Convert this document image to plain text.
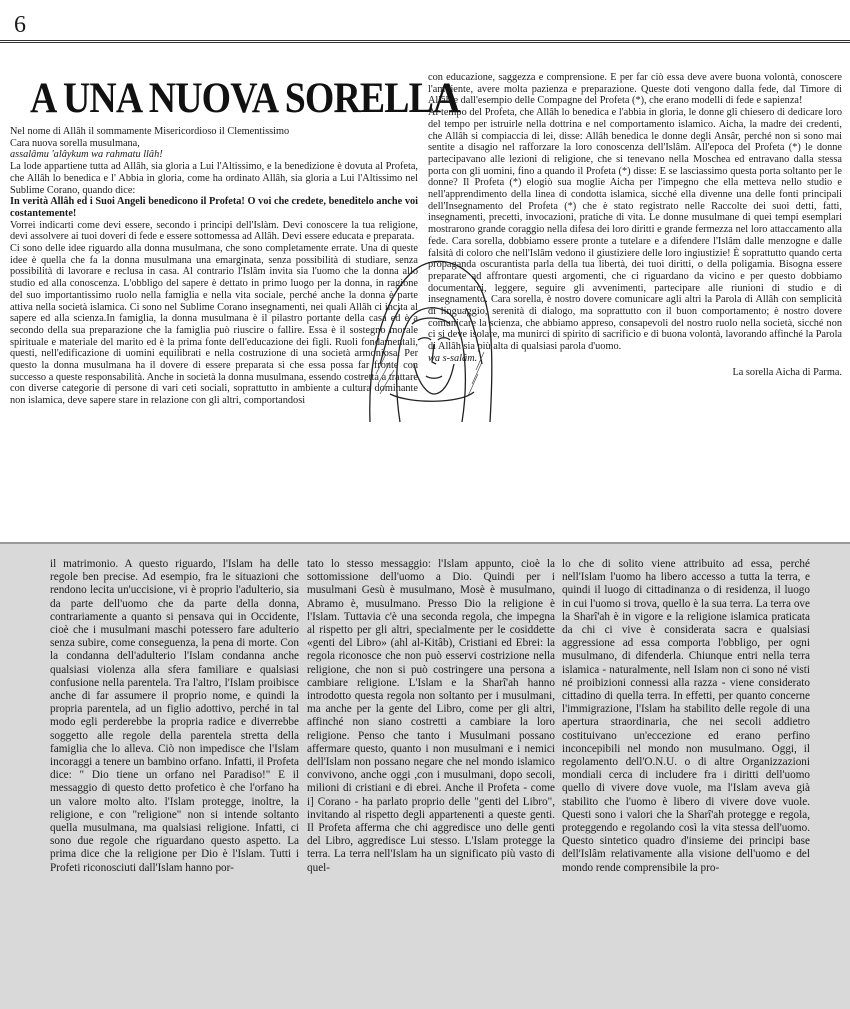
6
A UNA NUOVA SORELLA

Nel nome di Allâh il sommamente Misericordioso il Clementissimo

Cara nuova sorella musulmana,

assalâmu 'alâykum wa rahmatu llâh!

La lode appartiene tutta ad Allâh, sia gloria a Lui l'Altissimo, e la benedizione è dovuta al Profeta, che Allâh lo benedica e l' Abbia in gloria, come ha ordinato Allâh, sia gloria a Lui l'Altissimo nel Sublime Corano, quando dice:

In verità Allâh ed i Suoi Angeli benedicono il Profeta! O voi che credete, beneditelo anche voi costantemente!

Vorrei indicarti come devi essere, secondo i principi dell'Islàm. Devi conoscere la tua religione, devi assolvere ai tuoi doveri di fede e essere sottomessa ad Allâh. Devi essere educata e preparata.

Ci sono delle idee riguardo alla donna musulmana, che sono completamente errate. Una di queste idee è quella che fa la donna musulmana una emarginata, senza possibilità di studiare, senza possibilità di lavorare e reclusa in casa. Al contrario l'Islâm invita sia l'uomo che la donna allo studio ed alla conoscenza. L'obbligo del sapere è dettato in primo luogo per la donna, in ragione del suo importantissimo ruolo nella famiglia e nella vita sociale, perché anche la donna è parte attiva nella società islamica. Ci sono nel Sublime Corano insegnamenti, nei quali Allâh ci incita al sapere ed alla scienza.In famiglia, la donna musulmana è il pilastro portante della casa ed è a secondo della sua preparazione che la famiglia può riuscire o fallire. Essa è il sostegno morale spirituale e materiale del marito ed è la prima fonte dell'educazione dei figli. Ruoli fondamentali, questi, nell'edificazione di uomini equilibrati e nella costruzione di una società armoniosa. Per questo la donna musulmana ha il dovere di essere preparata sì che essa possa far fronte con successo a queste responsabilità. Anche in società la donna musulmana, essendo costretta a trattare con diverse categorie di persone di vari ceti sociali, soprattutto in ambiente a cultura dominante non islamica, deve sapere stare in relazione con gli altri, comportandosi

con educazione, saggezza e comprensione. E per far ciò essa deve avere buona volontà, conoscere l'ambiente, avere molta pazienza e preparazione. Queste doti vengono dalla fede, dal Timore di Allâh e dall'esempio delle Compagne del Profeta (*), che erano modelli di fede e sapienza!

Al tempo del Profeta, che Allâh lo benedica e l'abbia in gloria, le donne gli chiesero di dedicare loro del tempo per istruirle nella dottrina e nel comportamento islamico. Aicha, la madre dei credenti, che Allâh si compiaccia di lei, disse: Allâh benedica le donne degli Ansâr, perché non si sono mai sentite a disagio nel rafforzare la loro conoscenza dell'Islâm. All'epoca del Profeta (*) le donne partecipavano alle lezioni di religione, che si tenevano nella Moschea ed entravano dalla stessa porta con gli uomini, fino a quando il Profeta (*) disse: E se lasciassimo questa porta soltanto per le donne? Il Profeta (*) elogiò sua moglie Aicha per l'impegno che ella metteva nello studio e nell'apprendimento della linea di condotta islamica, sicché ella divenne una delle fonti principali dell'Insegnamento del Profeta (*) che è stato registrato nelle Raccolte dei suoi detti, fatti, insegnamenti, precetti, invocazioni, pratiche di vita. Le donne musulmane di quei tempi esemplari mostrarono grande coraggio nella difesa dei loro diritti e grande fermezza nel loro attaccamento alla fede. Cara sorella, dobbiamo essere pronte a tutelare e a difendere l'Islâm dalle menzogne e dalle falsità di coloro che nell'Islâm vedono il giustiziere delle loro ingiustizie! È soprattutto quando certa propaganda oscurantista parla della tua libertà, dei tuoi diritti, o della poligamia. Bisogna essere preparate ad affrontare questi argomenti, che ci riguardano da vicino e per questo dobbiamo documentarci, leggere, seguire gli avvenimenti, partecipare alle riunioni di studio e di insegnamento. Cara sorella, è nostro dovere comunicare agli altri la Parola di Allâh con semplicità di linguaggio, serenità di dialogo, ma soprattutto con il buon comportamento; è nostro dovere comunicare la scienza, che abbiamo appreso, consapevoli del nostro ruolo nella società, sicché non ci si deve isolare, ma munirci di spirito di sacrificio e di buona volontà, lavorando affinché la Parola di Allâh sia più alta di qualsiasi parola d'uomo.

wa s-salâm.

La sorella Aicha di Parma.

il matrimonio. A questo riguardo, l'Islam ha delle regole ben precise. Ad esempio, fra le situazioni che rendono lecita un'uccisione, vi è proprio l'adulterio, sia da parte dell'uomo che da parte della donna, contrariamente a quanto si pensava qui in Occidente, cioè che i musulmani maschi potessero fare adulterio senza subire, come conseguenza, la pena di morte. Con la condanna dell'adulterio l'Islam condanna anche qualsiasi violenza alla sfera familiare e qualsiasi confusione nella parentela. Tra l'altro, l'Islam proibisce anche di far assumere il proprio nome, e quindi la propria parentela, ad un figlio adottivo, perché in tal modo egli perderebbe la propria radice e diverrebbe soggetto alle regole della parentela stretta della famiglia che lo alleva. Ciò non impedisce che l'Islam incoraggi a tenere un bambino orfano. Infatti, il Profeta dice: " Dio tiene un orfano nel Paradiso!" E il messaggio di questo detto profetico è che l'orfano ha un valore molto alto. l'Islam protegge, inoltre, la religione, e con "religione" non si intende soltanto quella musulmana, ma qualsiasi religione. Infatti, ci sono due regole che riguardano questo aspetto. La prima dice che la religione per Dio è l'Islam. Tutti i Profeti riconosciuti dall'Islam hanno por-

tato lo stesso messaggio: l'Islam appunto, cioè la sottomissione dell'uomo a Dio. Quindi per i musulmani Gesù è musulmano, Mosè è musulmano, Abramo è, musulmano. Presso Dio la religione è l'Islam. Tuttavia c'è una seconda regola, che impegna al rispetto per gli altri, specialmente per le cosiddette «genti del Libro» (ahl al-Kitâb), Cristiani ed Ebrei: la regola riconosce che non può esservi costrizione nella religione, che non si può costringere una persona a cambiare religione. L'Islam e la Sharî'ah hanno introdotto questa regola non soltanto per i musulmani, ma anche per la gente del Libro, come per gli altri, affinché non siano costretti a cambiare la loro religione. Penso che tanto i Musulmani possano affermare questo, quanto i non musulmani e i nemici dell'Islam non possano negare che nel mondo islamico convivono, anche oggi ,con i musulmani, dopo secoli, milioni di cristiani e di ebrei. Anche il Profeta - come i] Corano - ha parlato proprio delle "genti del Libro", invitando al rispetto degli appartenenti a queste genti. Il Profeta afferma che chi aggredisce uno delle genti del Libro, aggredisce Lui stesso. L'Islam protegge la terra. La terra nell'Islam ha un significato più vasto di quel-

lo che di solito viene attribuito ad essa, perché nell'Islam l'uomo ha libero accesso a tutta la terra, e quindi il luogo di cittadinanza o di residenza, il luogo in cui l'uomo si trova, quello è la sua terra. La terra ove la Sharî'ah è in vigore e la religione islamica praticata da chi ci vive è considerata sacra e qualsiasi aggressione ad essa comporta l'obbligo, per ogni musulmano, di difenderla. Chiunque entri nella terra islamica - naturalmente, nell Islam non ci sono né visti né proibizioni connessi alla razza - viene considerato cittadino di quella terra. In effetti, per quanto concerne l'immigrazione, l'Islam ha stabilito delle regole di una apertura straordinaria, che nei secoli addietro costituivano un'eccezione ed erano perfino inconcepibili nel mondo non musulmano. Oggi, il regolamento dell'O.N.U. o di altre Organizzazioni mondiali cerca di includere fra i diritti dell'uomo quello di vivere dove vuole, ma l'Islam aveva già stabilito che l'uomo è libero di vivere dove vuole. Questi sono i valori che la Sharî'ah protegge e regola, proteggendo e regolando così la vita stessa dell'uomo. Questo sintetico quadro d'insieme dei principi base dell'Islâm relativamente alla visione dell'uomo e del mondo rende comprensibile la pro-
